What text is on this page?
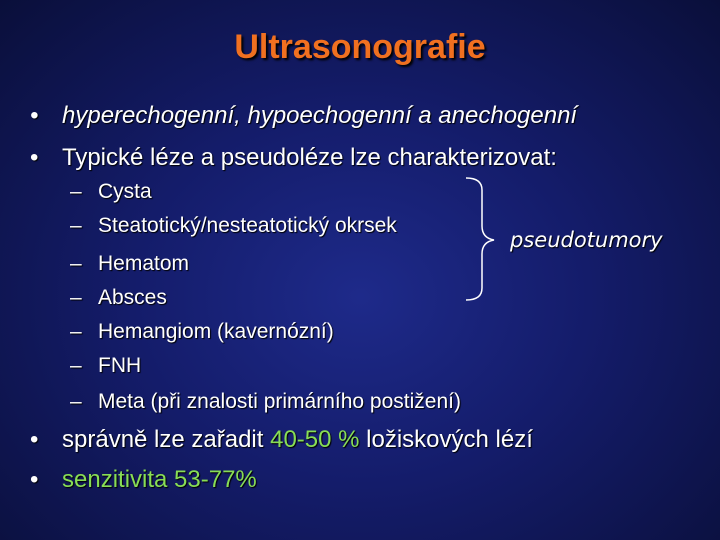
Ultrasonografie
• hyperechogenní, hypoechogenní a anechogenní
• Typické léze a pseudoléze lze charakterizovat:
– Cysta
– Steatotický/nesteatotický okrsek
– Hematom
– Absces
– Hemangiom (kavernózní)
– FNH
– Meta (při znalosti primárního postižení)
pseudotumory
• správně lze zařadit 40-50 % ložiskových lézí
• senzitivita 53-77%
